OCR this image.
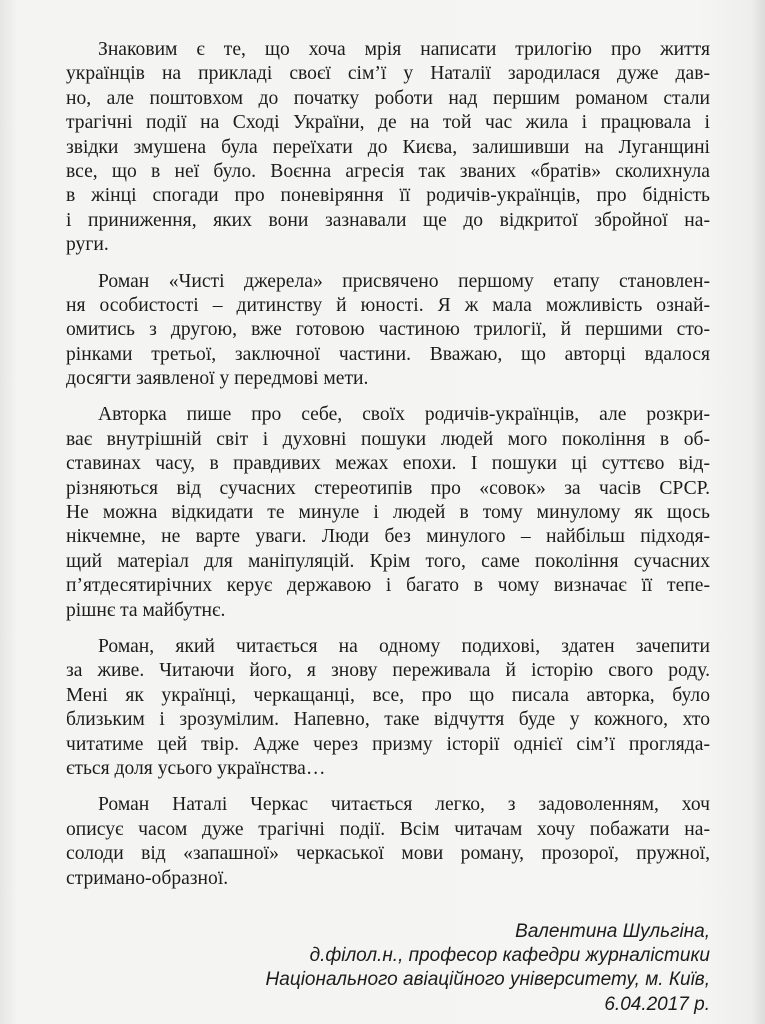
Знаковим є те, що хоча мрія написати трилогію про життя
українців на прикладі своєї сім’ї у Наталії зародилася дуже дав-
но, але поштовхом до початку роботи над першим романом стали
трагічні події на Сході України, де на той час жила і працювала і
звідки змушена була переїхати до Києва, залишивши на Луганщині
все, що в неї було. Воєнна агресія так званих «братів» сколихнула
в жінці спогади про поневіряння її родичів-українців, про бідність
і приниження, яких вони зазнавали ще до відкритої збройної на-
руги.

Роман «Чисті джерела» присвячено першому етапу становлен-
ня особистості – дитинству й юності. Я ж мала можливість ознай-
омитись з другою, вже готовою частиною трилогії, й першими сто-
рінками третьої, заключної частини. Вважаю, що авторці вдалося
досягти заявленої у передмові мети.

Авторка пише про себе, своїх родичів-українців, але розкри-
ває внутрішній світ і духовні пошуки людей мого покоління в об-
ставинах часу, в правдивих межах епохи. І пошуки ці суттєво від-
різняються від сучасних стереотипів про «совок» за часів СРСР.
Не можна відкидати те минуле і людей в тому минулому як щось
нікчемне, не варте уваги. Люди без минулого – найбільш підходя-
щий матеріал для маніпуляцій. Крім того, саме покоління сучасних
п’ятдесятирічних керує державою і багато в чому визначає її тепе-
рішнє та майбутнє.

Роман, який читається на одному подихові, здатен зачепити
за живе. Читаючи його, я знову переживала й історію свого роду.
Мені як українці, черкащанці, все, про що писала авторка, було
близьким і зрозумілим. Напевно, таке відчуття буде у кожного, хто
читатиме цей твір. Адже через призму історії однієї сім’ї проглядa-
ється доля усього українства…

Роман Наталі Черкас читається легко, з задоволенням, хоч
описує часом дуже трагічні події. Всім читачам хочу побажати на-
солоди від «запашної» черкаської мови роману, прозорої, пружної,
стримано-образної.

Валентина Шульгіна,
д.філол.н., професор кафедри журналістики
Національного авіаційного університету, м. Київ,
6.04.2017 р.
